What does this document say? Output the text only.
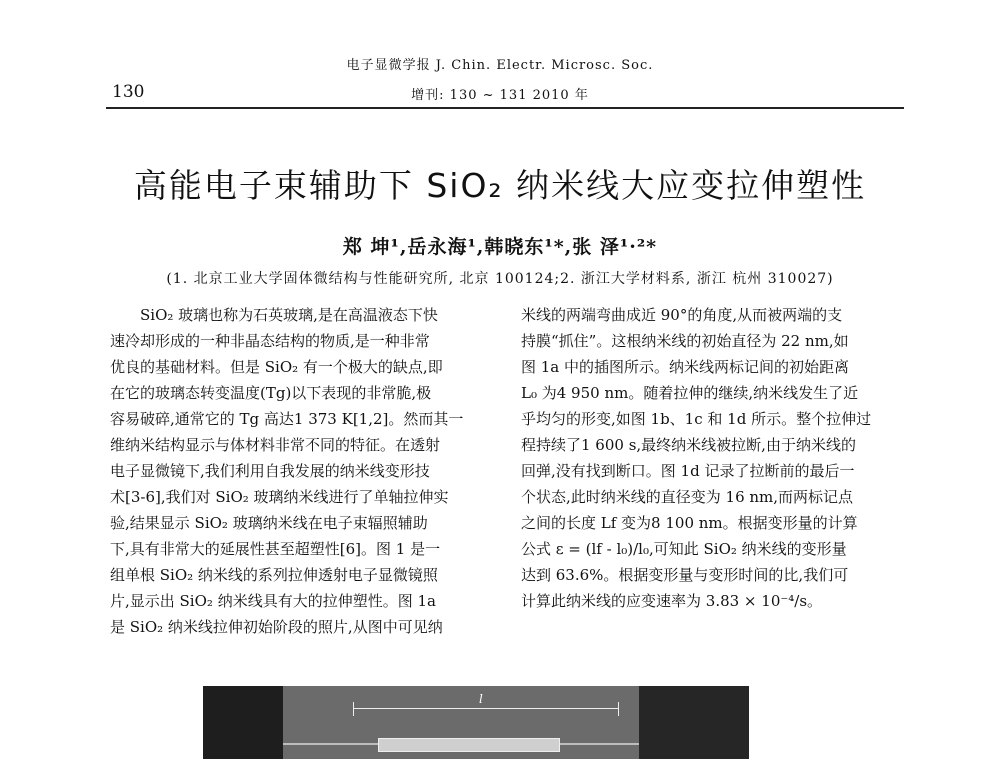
电子显微学报 J. Chin. Electr. Microsc. Soc.
130	增刊: 130 ~ 131 2010 年
高能电子束辅助下 SiO₂ 纳米线大应变拉伸塑性
郑 坤¹,岳永海¹,韩晓东¹*,张 泽¹·²*
(1. 北京工业大学固体微结构与性能研究所, 北京 100124;2. 浙江大学材料系, 浙江 杭州 310027)
SiO₂ 玻璃也称为石英玻璃,是在高温液态下快
速冷却形成的一种非晶态结构的物质,是一种非常
优良的基础材料。但是 SiO₂ 有一个极大的缺点,即
在它的玻璃态转变温度(Tg)以下表现的非常脆,极
容易破碎,通常它的 Tg 高达1 373 K[1,2]。然而其一
维纳米结构显示与体材料非常不同的特征。在透射
电子显微镜下,我们利用自我发展的纳米线变形技
术[3-6],我们对 SiO₂ 玻璃纳米线进行了单轴拉伸实
验,结果显示 SiO₂ 玻璃纳米线在电子束辐照辅助
下,具有非常大的延展性甚至超塑性[6]。图 1 是一
组单根 SiO₂ 纳米线的系列拉伸透射电子显微镜照
片,显示出 SiO₂ 纳米线具有大的拉伸塑性。图 1a
是 SiO₂ 纳米线拉伸初始阶段的照片,从图中可见纳
米线的两端弯曲成近 90°的角度,从而被两端的支
持膜“抓住”。这根纳米线的初始直径为 22 nm,如
图 1a 中的插图所示。纳米线两标记间的初始距离
L₀ 为4 950 nm。随着拉伸的继续,纳米线发生了近
乎均匀的形变,如图 1b、1c 和 1d 所示。整个拉伸过
程持续了1 600 s,最终纳米线被拉断,由于纳米线的
回弹,没有找到断口。图 1d 记录了拉断前的最后一
个状态,此时纳米线的直径变为 16 nm,而两标记点
之间的长度 Lf 变为8 100 nm。根据变形量的计算
公式 ε = (lf - l₀)/l₀,可知此 SiO₂ 纳米线的变形量
达到 63.6%。根据变形量与变形时间的比,我们可
计算此纳米线的应变速率为 3.83 × 10⁻⁴/s。
l
